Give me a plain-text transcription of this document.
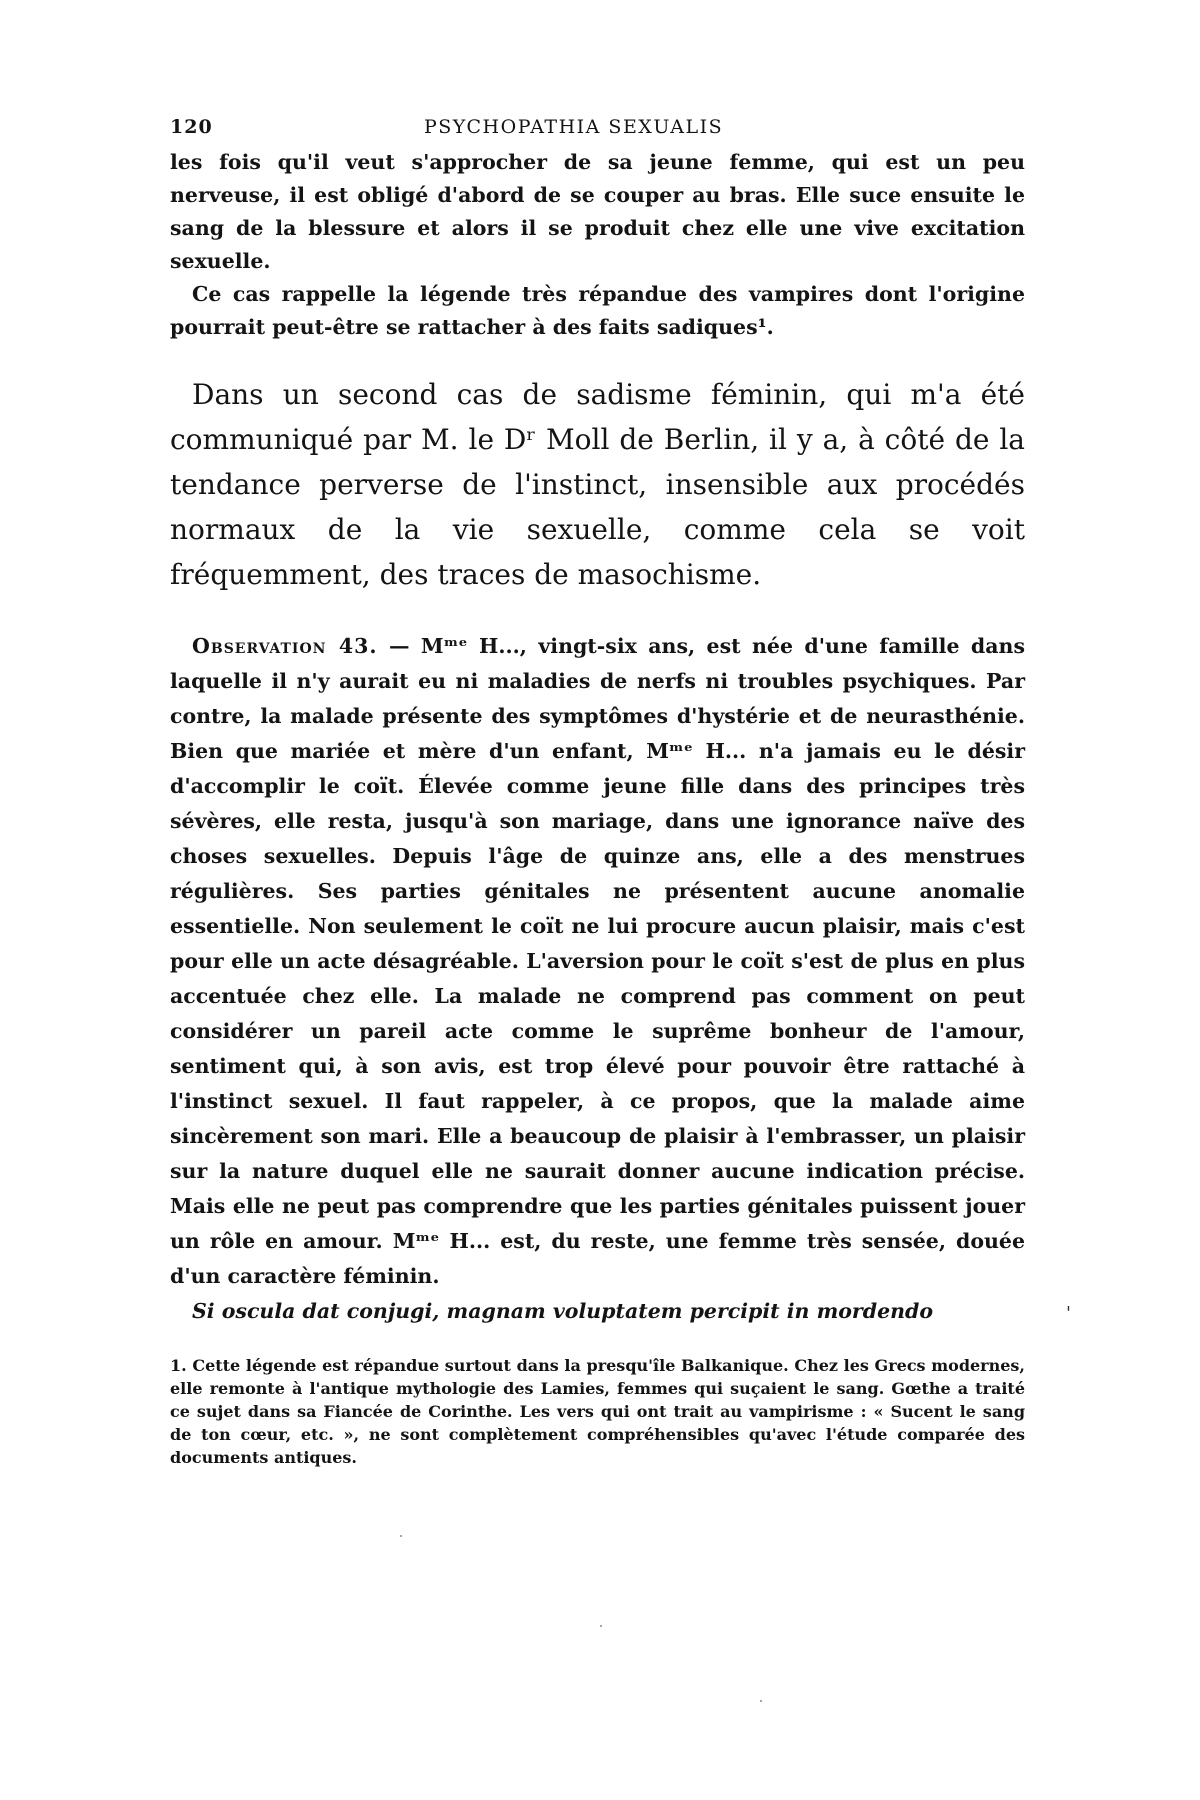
120	PSYCHOPATHIA SEXUALIS

les fois qu'il veut s'approcher de sa jeune femme, qui est un peu nerveuse, il est obligé d'abord de se couper au bras. Elle suce ensuite le sang de la blessure et alors il se produit chez elle une vive excitation sexuelle.

Ce cas rappelle la légende très répandue des vampires dont l'origine pourrait peut-être se rattacher à des faits sadiques¹.

Dans un second cas de sadisme féminin, qui m'a été communiqué par M. le Dʳ Moll de Berlin, il y a, à côté de la tendance perverse de l'instinct, insensible aux procédés normaux de la vie sexuelle, comme cela se voit fréquemment, des traces de masochisme.

Observation 43. — Mᵐᵉ H..., vingt-six ans, est née d'une famille dans laquelle il n'y aurait eu ni maladies de nerfs ni troubles psychiques. Par contre, la malade présente des symptômes d'hystérie et de neurasthénie. Bien que mariée et mère d'un enfant, Mᵐᵉ H... n'a jamais eu le désir d'accomplir le coït. Élevée comme jeune fille dans des principes très sévères, elle resta, jusqu'à son mariage, dans une ignorance naïve des choses sexuelles. Depuis l'âge de quinze ans, elle a des menstrues régulières. Ses parties génitales ne présentent aucune anomalie essentielle. Non seulement le coït ne lui procure aucun plaisir, mais c'est pour elle un acte désagréable. L'aversion pour le coït s'est de plus en plus accentuée chez elle. La malade ne comprend pas comment on peut considérer un pareil acte comme le suprême bonheur de l'amour, sentiment qui, à son avis, est trop élevé pour pouvoir être rattaché à l'instinct sexuel. Il faut rappeler, à ce propos, que la malade aime sincèrement son mari. Elle a beaucoup de plaisir à l'embrasser, un plaisir sur la nature duquel elle ne saurait donner aucune indication précise. Mais elle ne peut pas comprendre que les parties génitales puissent jouer un rôle en amour. Mᵐᵉ H... est, du reste, une femme très sensée, douée d'un caractère féminin.

Si oscula dat conjugi, magnam voluptatem percipit in mordendo

1. Cette légende est répandue surtout dans la presqu'île Balkanique. Chez les Grecs modernes, elle remonte à l'antique mythologie des Lamies, femmes qui suçaient le sang. Gœthe a traité ce sujet dans sa Fiancée de Corinthe. Les vers qui ont trait au vampirisme : « Sucent le sang de ton cœur, etc. », ne sont complètement compréhensibles qu'avec l'étude comparée des documents antiques.

'
